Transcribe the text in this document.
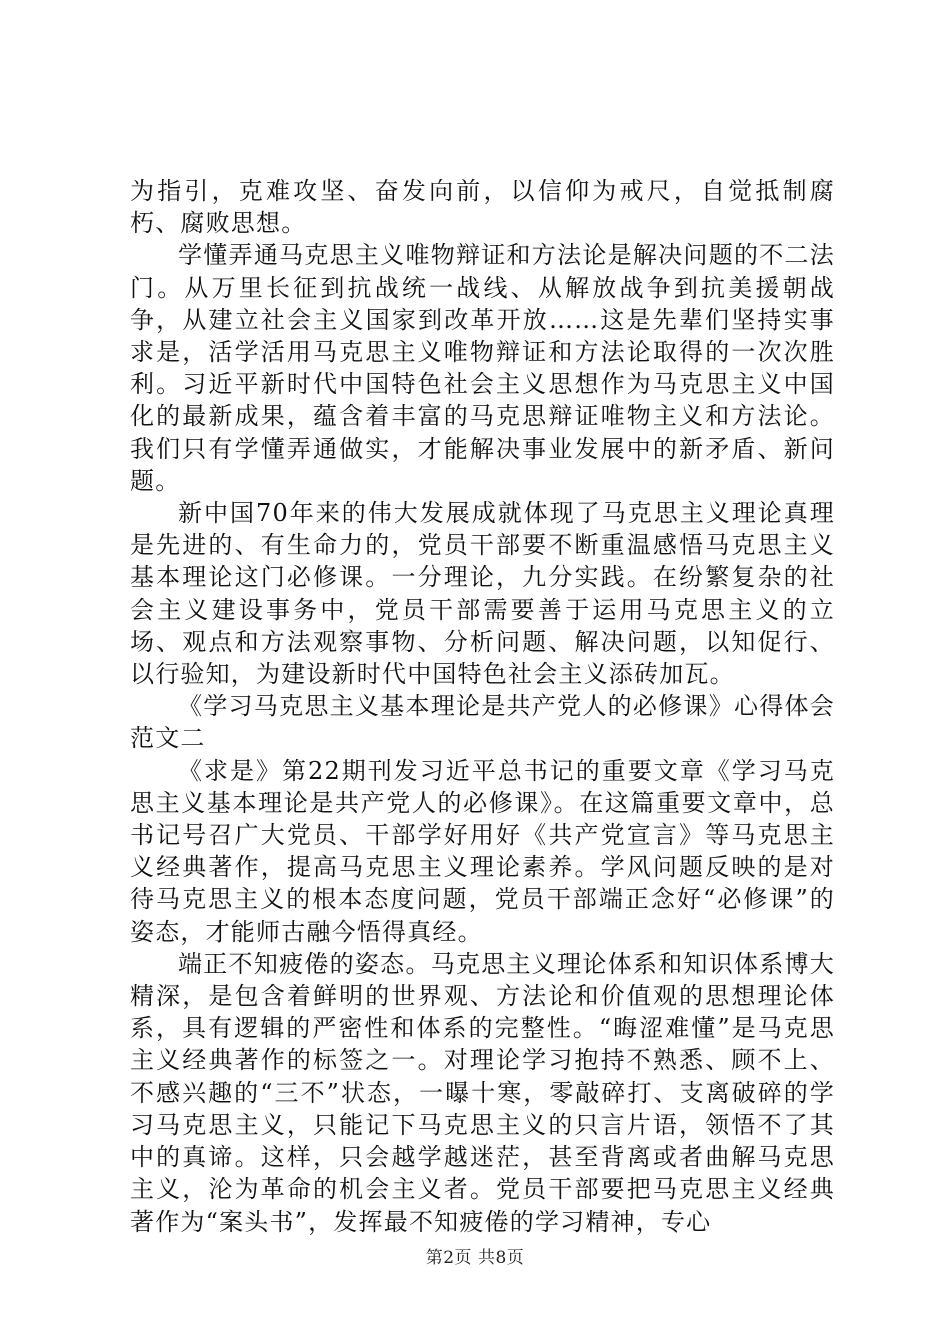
为指引，克难攻坚、奋发向前，以信仰为戒尺，自觉抵制腐朽、腐败思想。

学懂弄通马克思主义唯物辩证和方法论是解决问题的不二法门。从万里长征到抗战统一战线、从解放战争到抗美援朝战争，从建立社会主义国家到改革开放……这是先辈们坚持实事求是，活学活用马克思主义唯物辩证和方法论取得的一次次胜利。习近平新时代中国特色社会主义思想作为马克思主义中国化的最新成果，蕴含着丰富的马克思辩证唯物主义和方法论。我们只有学懂弄通做实，才能解决事业发展中的新矛盾、新问题。

新中国70年来的伟大发展成就体现了马克思主义理论真理是先进的、有生命力的，党员干部要不断重温感悟马克思主义基本理论这门必修课。一分理论，九分实践。在纷繁复杂的社会主义建设事务中，党员干部需要善于运用马克思主义的立场、观点和方法观察事物、分析问题、解决问题，以知促行、以行验知，为建设新时代中国特色社会主义添砖加瓦。

《学习马克思主义基本理论是共产党人的必修课》心得体会范文二

《求是》第22期刊发习近平总书记的重要文章《学习马克思主义基本理论是共产党人的必修课》。在这篇重要文章中，总书记号召广大党员、干部学好用好《共产党宣言》等马克思主义经典著作，提高马克思主义理论素养。学风问题反映的是对待马克思主义的根本态度问题，党员干部端正念好“必修课”的姿态，才能师古融今悟得真经。

端正不知疲倦的姿态。马克思主义理论体系和知识体系博大精深，是包含着鲜明的世界观、方法论和价值观的思想理论体系，具有逻辑的严密性和体系的完整性。“晦涩难懂”是马克思主义经典著作的标签之一。对理论学习抱持不熟悉、顾不上、不感兴趣的“三不”状态，一曝十寒，零敲碎打、支离破碎的学习马克思主义，只能记下马克思主义的只言片语，领悟不了其中的真谛。这样，只会越学越迷茫，甚至背离或者曲解马克思主义，沦为革命的机会主义者。党员干部要把马克思主义经典著作为“案头书”，发挥最不知疲倦的学习精神，专心

第2页 共8页
